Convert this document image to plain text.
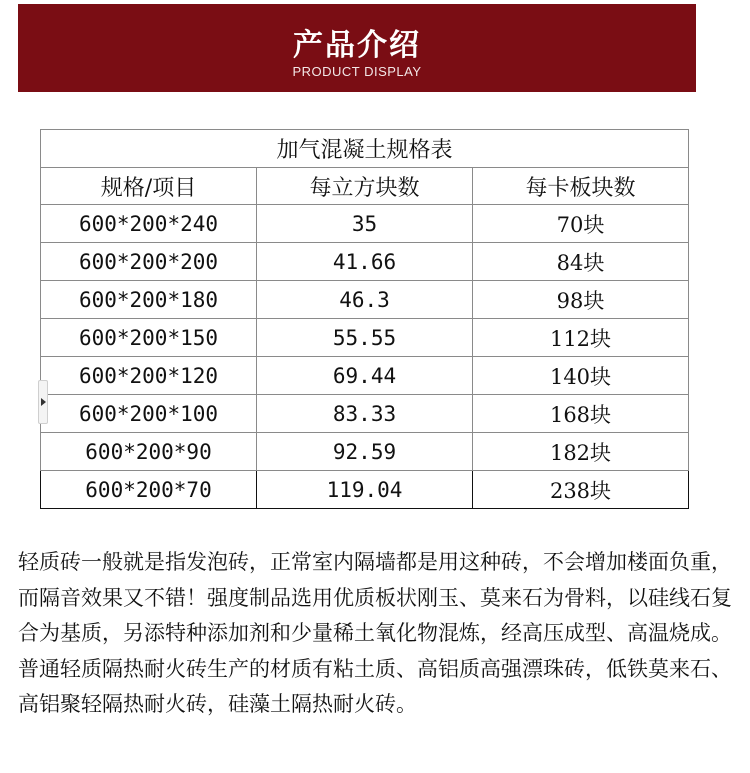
产品介绍
PRODUCT DISPLAY
加气混凝土规格表		
规格/项目	每立方块数	每卡板块数
600*200*240	35	70块
600*200*200	41.66	84块
600*200*180	46.3	98块
600*200*150	55.55	112块
600*200*120	69.44	140块
600*200*100	83.33	168块
600*200*90	92.59	182块
600*200*70	119.04	238块

轻质砖一般就是指发泡砖，正常室内隔墙都是用这种砖，不会增加楼面负重，而隔音效果又不错！强度制品选用优质板状刚玉、莫来石为骨料，以硅线石复合为基质，另添特种添加剂和少量稀土氧化物混炼，经高压成型、高温烧成。普通轻质隔热耐火砖生产的材质有粘土质、高铝质高强漂珠砖，低铁莫来石、高铝聚轻隔热耐火砖，硅藻土隔热耐火砖。
